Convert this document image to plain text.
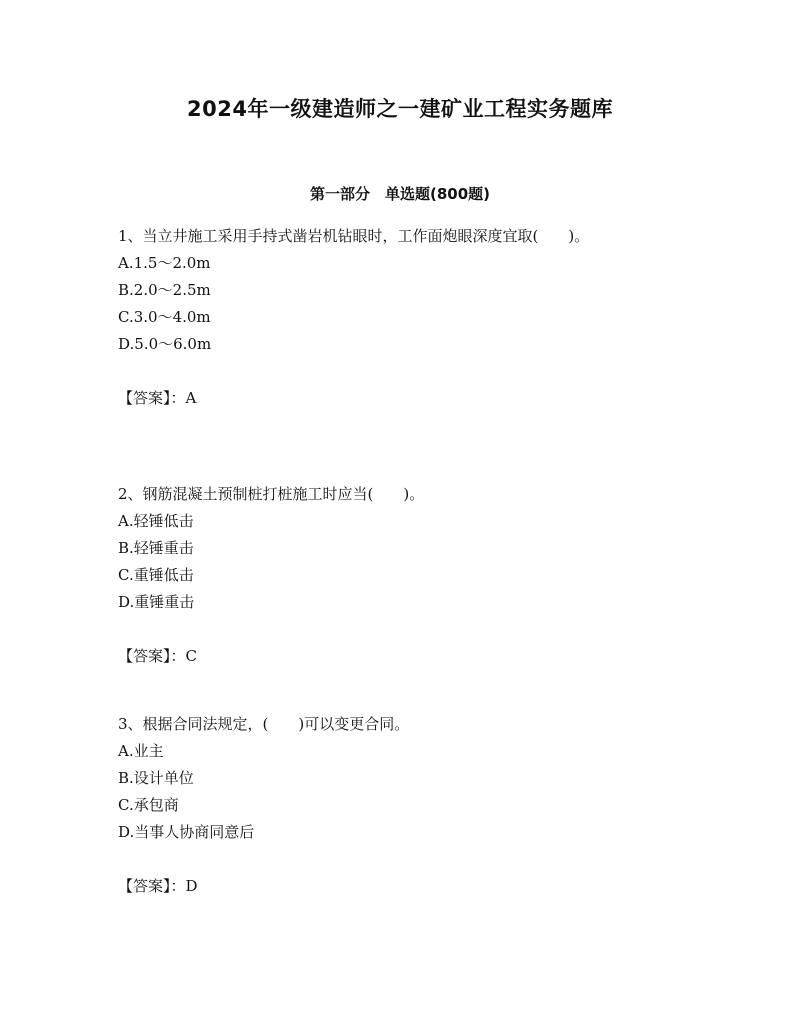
2024年一级建造师之一建矿业工程实务题库
第一部分　单选题(800题)

1、当立井施工采用手持式凿岩机钻眼时，工作面炮眼深度宜取(　　)。

A.1.5～2.0m
B.2.0～2.5m
C.3.0～4.0m
D.5.0～6.0m
【答案】：A

2、钢筋混凝土预制桩打桩施工时应当(　　)。

A.轻锤低击
B.轻锤重击
C.重锤低击
D.重锤重击
【答案】：C

3、根据合同法规定，(　　)可以变更合同。

A.业主
B.设计单位
C.承包商
D.当事人协商同意后
【答案】：D
